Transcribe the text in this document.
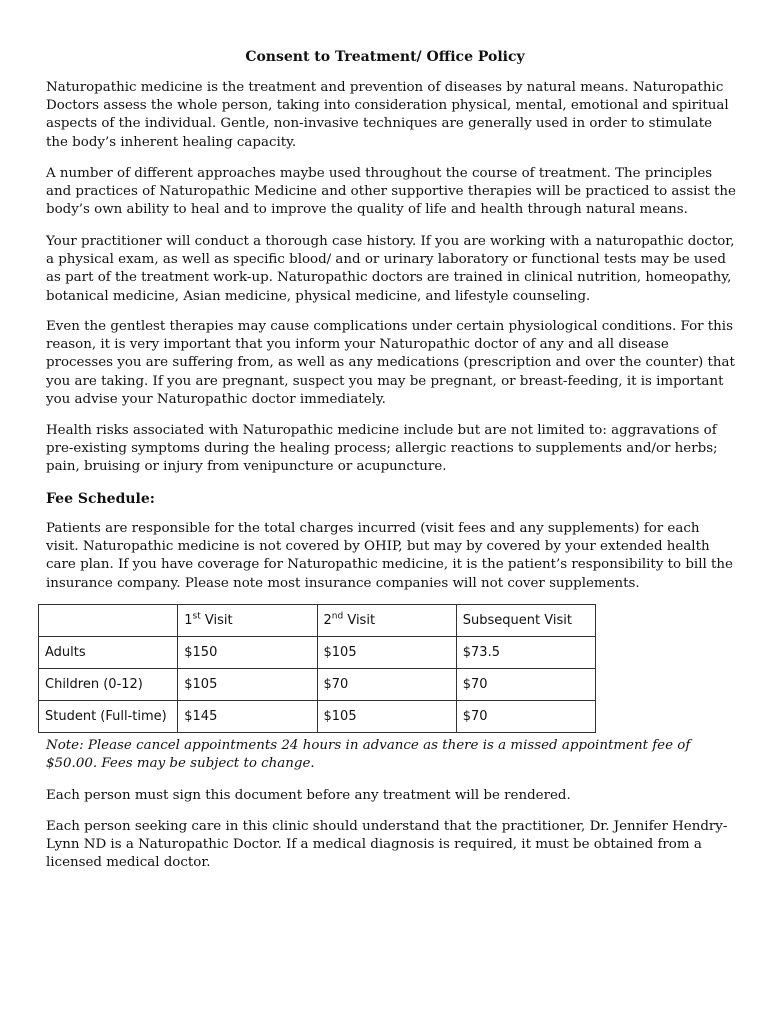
Consent to Treatment/ Office Policy
Naturopathic medicine is the treatment and prevention of diseases by natural means. Naturopathic Doctors assess the whole person, taking into consideration physical, mental, emotional and spiritual aspects of the individual. Gentle, non-invasive techniques are generally used in order to stimulate the body’s inherent healing capacity.
A number of different approaches maybe used throughout the course of treatment. The principles and practices of Naturopathic Medicine and other supportive therapies will be practiced to assist the body’s own ability to heal and to improve the quality of life and health through natural means.
Your practitioner will conduct a thorough case history. If you are working with a naturopathic doctor, a physical exam, as well as specific blood/ and or urinary laboratory or functional tests may be used as part of the treatment work-up. Naturopathic doctors are trained in clinical nutrition, homeopathy, botanical medicine, Asian medicine, physical medicine, and lifestyle counseling.
Even the gentlest therapies may cause complications under certain physiological conditions. For this reason, it is very important that you inform your Naturopathic doctor of any and all disease processes you are suffering from, as well as any medications (prescription and over the counter) that you are taking. If you are pregnant, suspect you may be pregnant, or breast-feeding, it is important you advise your Naturopathic doctor immediately.
Health risks associated with Naturopathic medicine include but are not limited to: aggravations of pre-existing symptoms during the healing process; allergic reactions to supplements and/or herbs; pain, bruising or injury from venipuncture or acupuncture.
Fee Schedule:
Patients are responsible for the total charges incurred (visit fees and any supplements) for each visit. Naturopathic medicine is not covered by OHIP, but may by covered by your extended health care plan. If you have coverage for Naturopathic medicine, it is the patient’s responsibility to bill the insurance company. Please note most insurance companies will not cover supplements.
	1st Visit	2nd Visit	Subsequent Visit
Adults	$150	$105	$73.5
Children (0-12)	$105	$70	$70
Student (Full-time)	$145	$105	$70
Note: Please cancel appointments 24 hours in advance as there is a missed appointment fee of $50.00. Fees may be subject to change.
Each person must sign this document before any treatment will be rendered.
Each person seeking care in this clinic should understand that the practitioner, Dr. Jennifer Hendry-Lynn ND is a Naturopathic Doctor. If a medical diagnosis is required, it must be obtained from a licensed medical doctor.
